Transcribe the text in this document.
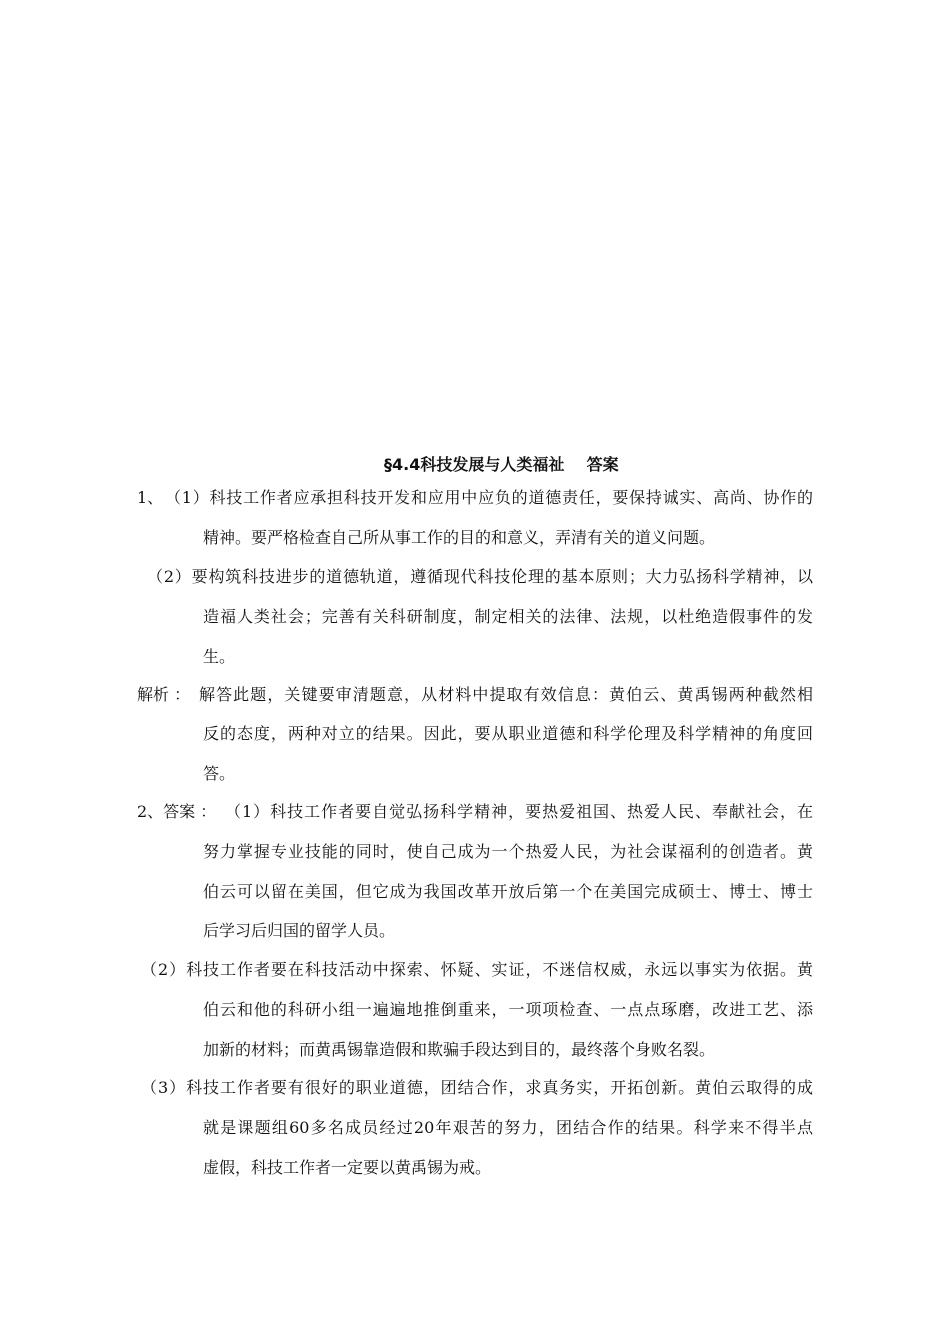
§4.4科技发展与人类福祉    答案
1、 （1）科技工作者应承担科技开发和应用中应负的道德责任，要保持诚实、高尚、协作的
精神。要严格检查自己所从事工作的目的和意义，弄清有关的道义问题。
（2）要构筑科技进步的道德轨道，遵循现代科技伦理的基本原则；大力弘扬科学精神，以
造福人类社会；完善有关科研制度，制定相关的法律、法规，以杜绝造假事件的发
生。
解析 ： 解答此题，关键要审清题意，从材料中提取有效信息：黄伯云、黄禹锡两种截然相
反的态度，两种对立的结果。因此，要从职业道德和科学伦理及科学精神的角度回
答。
2、答案 ： （1）科技工作者要自觉弘扬科学精神，要热爱祖国、热爱人民、奉献社会，在
努力掌握专业技能的同时，使自己成为一个热爱人民，为社会谋福利的创造者。黄
伯云可以留在美国，但它成为我国改革开放后第一个在美国完成硕士、博士、博士
后学习后归国的留学人员。
（2）科技工作者要在科技活动中探索、怀疑、实证，不迷信权威，永远以事实为依据。黄
伯云和他的科研小组一遍遍地推倒重来，一项项检查、一点点琢磨，改进工艺、添
加新的材料；而黄禹锡靠造假和欺骗手段达到目的，最终落个身败名裂。
（3）科技工作者要有很好的职业道德，团结合作，求真务实，开拓创新。黄伯云取得的成
就是课题组60多名成员经过20年艰苦的努力，团结合作的结果。科学来不得半点
虚假，科技工作者一定要以黄禹锡为戒。
